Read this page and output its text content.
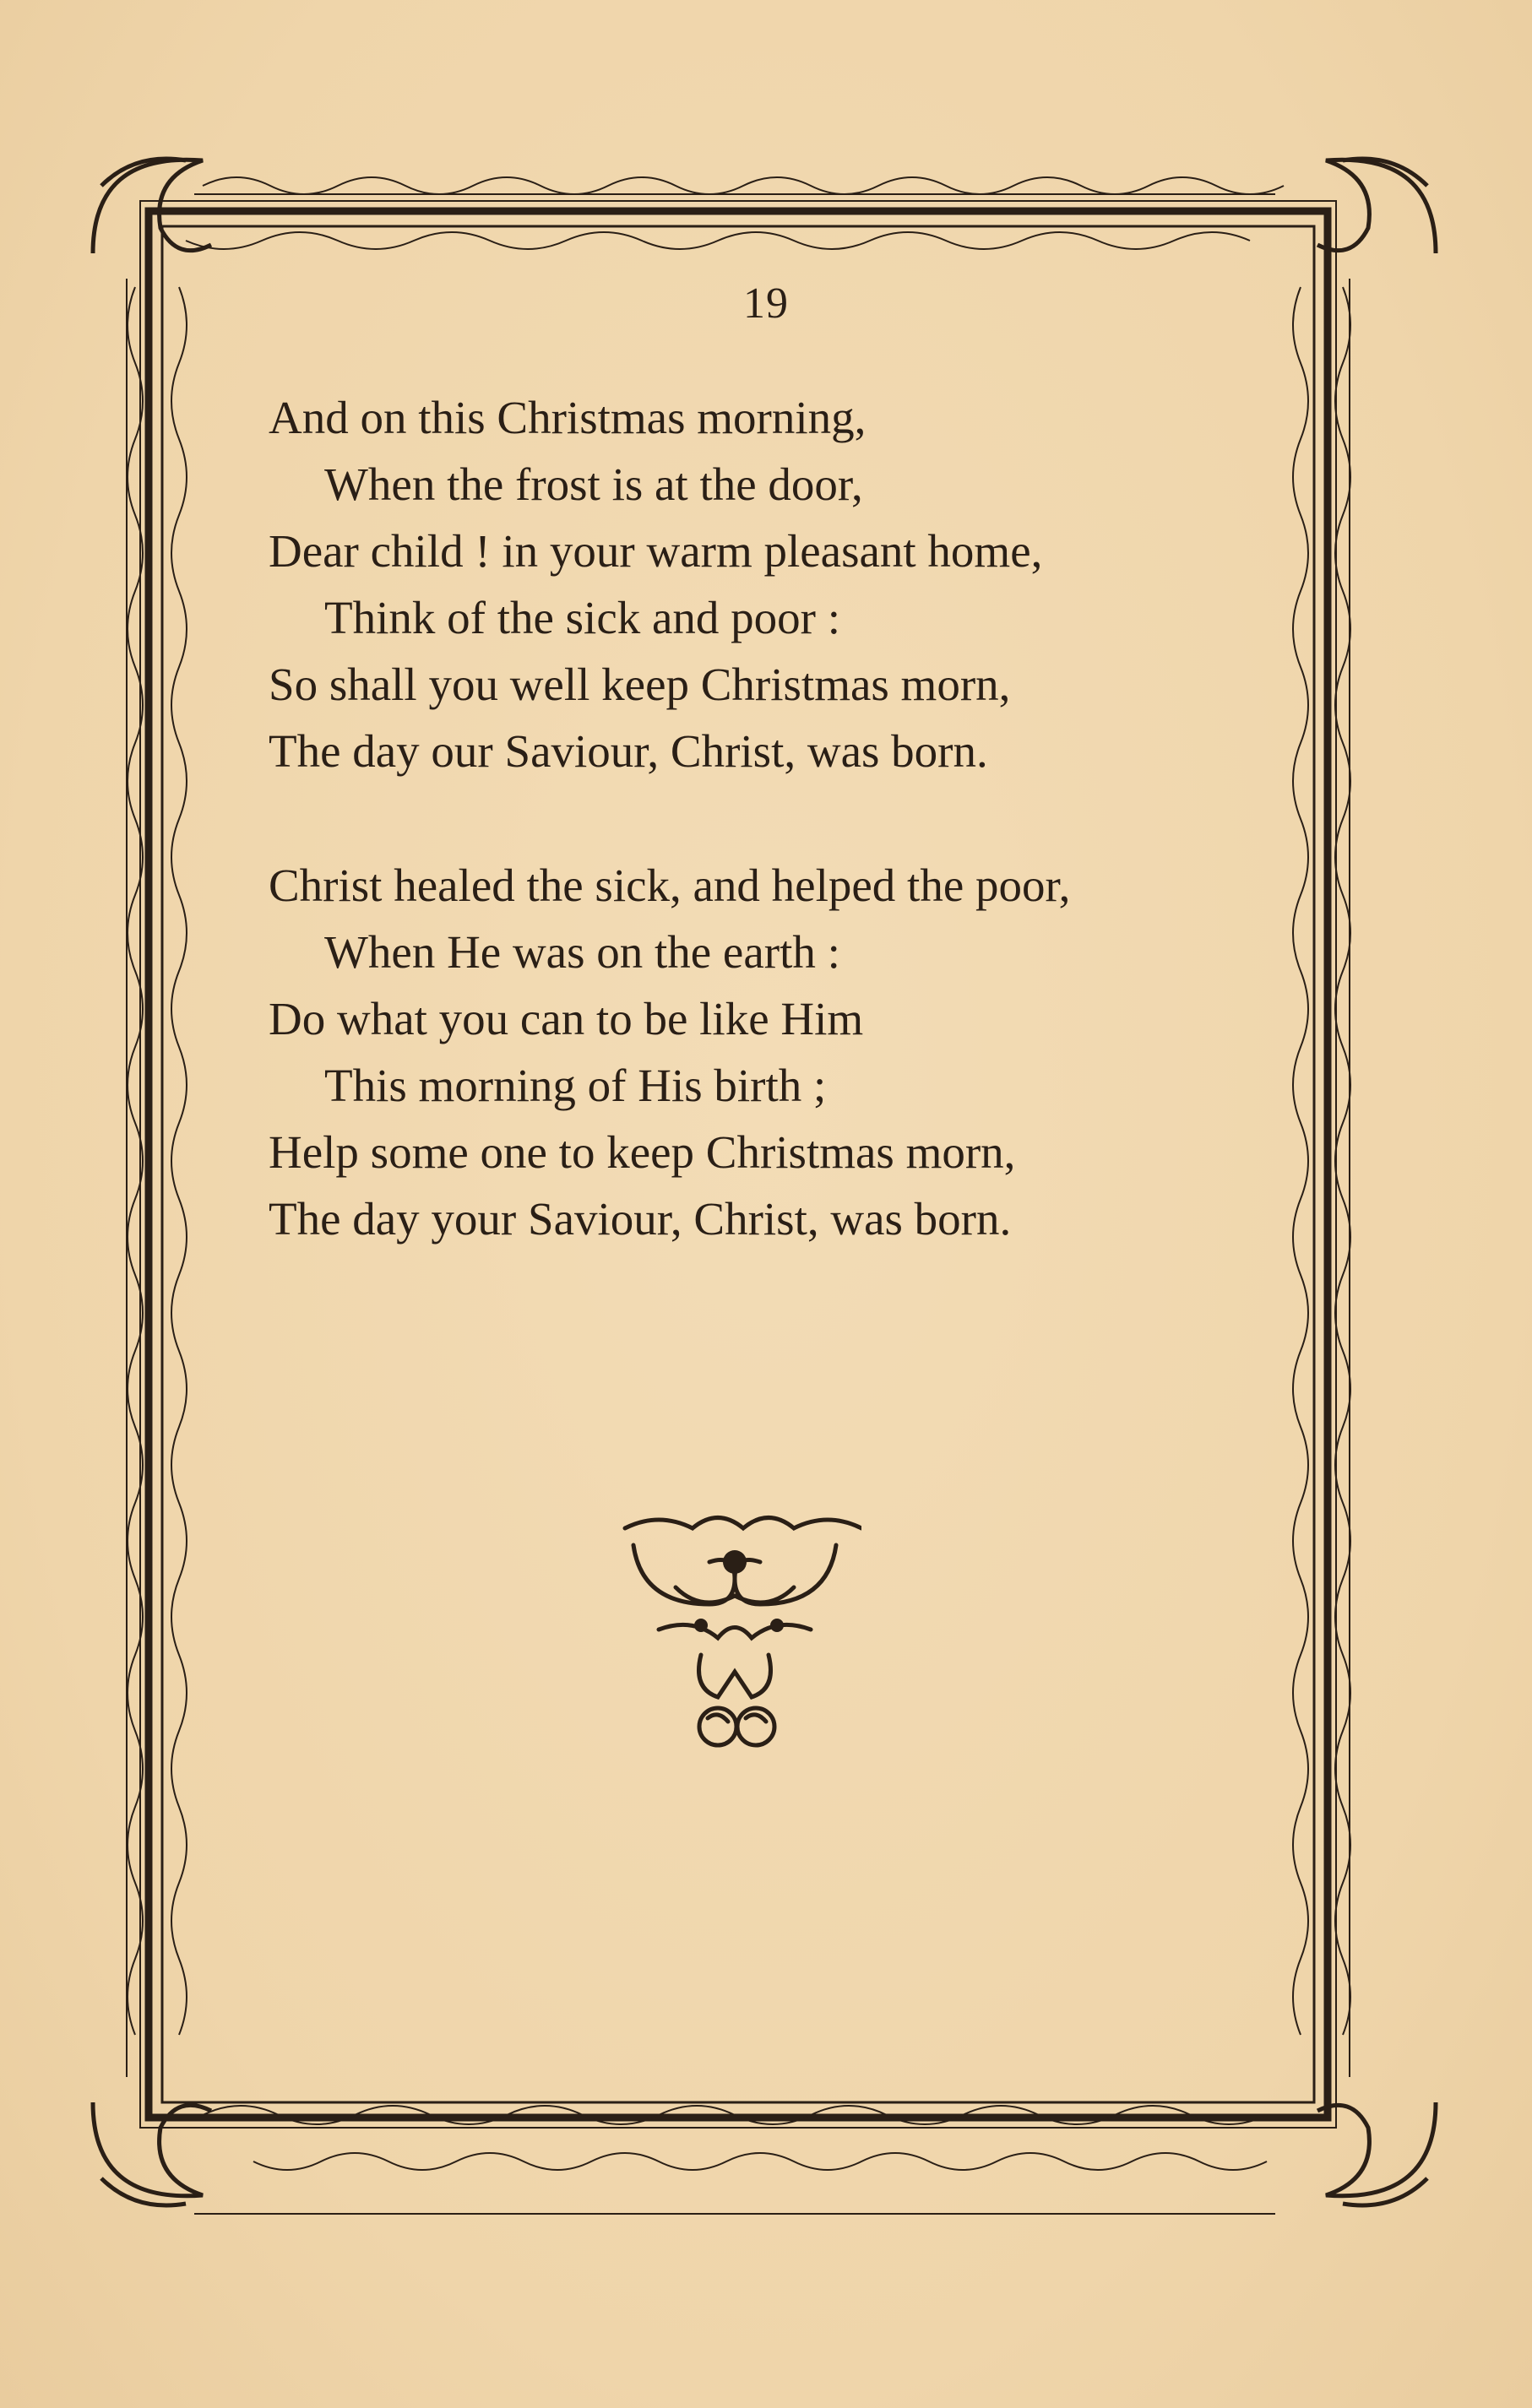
19
And on this Christmas morning,
When the frost is at the door,
Dear child ! in your warm pleasant home,
Think of the sick and poor :
So shall you well keep Christmas morn,
The day our Saviour, Christ, was born.
Christ healed the sick, and helped the poor,
When He was on the earth :
Do what you can to be like Him
This morning of His birth ;
Help some one to keep Christmas morn,
The day your Saviour, Christ, was born.
